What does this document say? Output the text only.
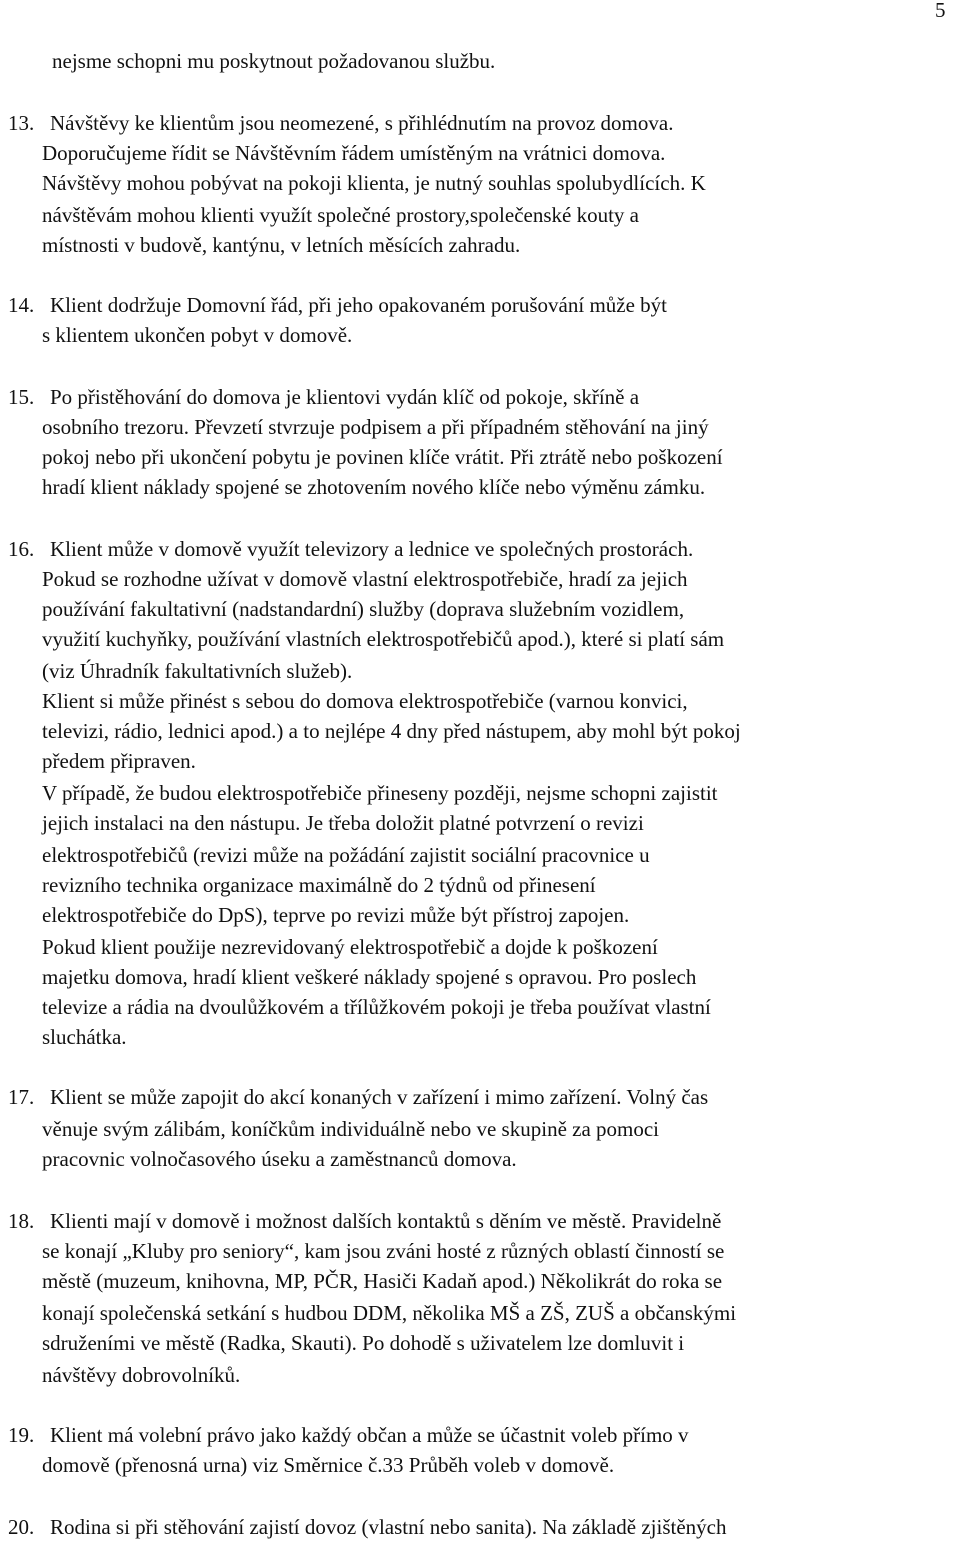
5
nejsme schopni mu poskytnout požadovanou službu.
13. Návštěvy ke klientům jsou neomezené, s přihlédnutím na provoz domova.
Doporučujeme řídit se Návštěvním řádem umístěným na vrátnici domova.
Návštěvy mohou pobývat na pokoji klienta, je nutný souhlas spolubydlících. K
návštěvám mohou klienti využít společné prostory,společenské kouty a
místnosti v budově, kantýnu, v letních měsících zahradu.
14. Klient dodržuje Domovní řád, při jeho opakovaném porušování může být
s klientem ukončen pobyt v domově.
15. Po přistěhování do domova je klientovi vydán klíč od pokoje, skříně a
osobního trezoru. Převzetí stvrzuje podpisem a při případném stěhování na jiný
pokoj nebo při ukončení pobytu je povinen klíče vrátit. Při ztrátě nebo poškození
hradí klient náklady spojené se zhotovením nového klíče nebo výměnu zámku.
16. Klient může v domově využít televizory a lednice ve společných prostorách.
Pokud se rozhodne užívat v domově vlastní elektrospotřebiče, hradí za jejich
používání fakultativní (nadstandardní) služby (doprava služebním vozidlem,
využití kuchyňky, používání vlastních elektrospotřebičů apod.), které si platí sám
(viz Úhradník fakultativních služeb).
Klient si může přinést s sebou do domova elektrospotřebiče (varnou konvici,
televizi, rádio, lednici apod.) a to nejlépe 4 dny před nástupem, aby mohl být pokoj
předem připraven.
V případě, že budou elektrospotřebiče přineseny později, nejsme schopni zajistit
jejich instalaci na den nástupu. Je třeba doložit platné potvrzení o revizi
elektrospotřebičů (revizi může na požádání zajistit sociální pracovnice u
revizního technika organizace maximálně do 2 týdnů od přinesení
elektrospotřebiče do DpS), teprve po revizi může být přístroj zapojen.
Pokud klient použije nezrevidovaný elektrospotřebič a dojde k poškození
majetku domova, hradí klient veškeré náklady spojené s opravou. Pro poslech
televize a rádia na dvoulůžkovém a třílůžkovém pokoji je třeba používat vlastní
sluchátka.
17. Klient se může zapojit do akcí konaných v zařízení i mimo zařízení. Volný čas
věnuje svým zálibám, koníčkům individuálně nebo ve skupině za pomoci
pracovnic volnočasového úseku a zaměstnanců domova.
18. Klienti mají v domově i možnost dalších kontaktů s děním ve městě. Pravidelně
se konají „Kluby pro seniory“, kam jsou zváni hosté z různých oblastí činností se
městě (muzeum, knihovna, MP, PČR, Hasiči Kadaň apod.) Několikrát do roka se
konají společenská setkání s hudbou DDM, několika MŠ a ZŠ, ZUŠ a občanskými
sdruženími ve městě (Radka, Skauti). Po dohodě s uživatelem lze domluvit i
návštěvy dobrovolníků.
19. Klient má volební právo jako každý občan a může se účastnit voleb přímo v
domově (přenosná urna) viz Směrnice č.33 Průběh voleb v domově.
20. Rodina si při stěhování zajistí dovoz (vlastní nebo sanita). Na základě zjištěných
